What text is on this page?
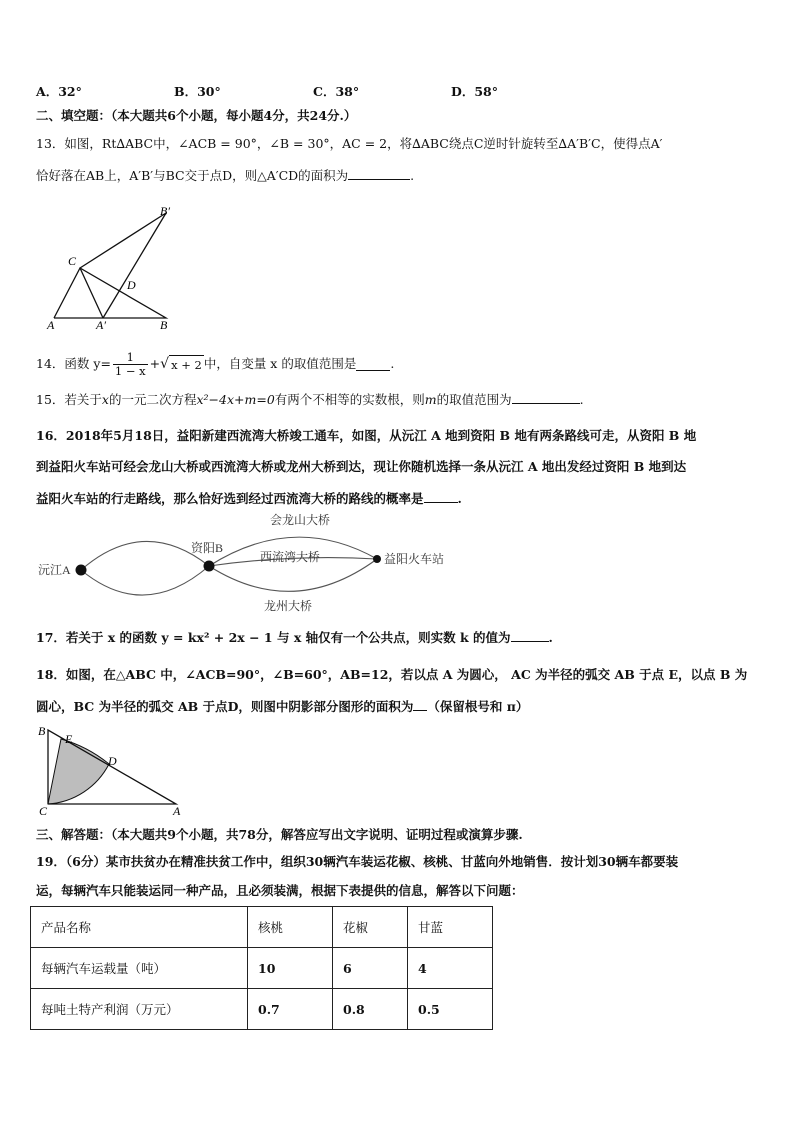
A．32°	B．30°	C．38°	D．58°
二、填空题：（本大题共6个小题，每小题4分，共24分.）
13．如图，Rt∆ABC中，∠ACB = 90°，∠B = 30°，AC = 2，将∆ABC绕点C逆时针旋转至∆A′B′C，使得点A′
恰好落在AB上，A′B′与BC交于点D，则△A′CD的面积为	.
B′
C
D
A	A′	B
14．函数 $y= \frac{1}{1 - x}$ + √ x + 2 中，自变量 x 的取值范围是	.
15．若关于x的一元二次方程x²−4x+m=0有两个不相等的实数根，则m的取值范围为	.
16．2018年5月18日，益阳新建西流湾大桥竣工通车，如图，从沅江 A 地到资阳 B 地有两条路线可走，从资阳 B 地
到益阳火车站可经会龙山大桥或西流湾大桥或龙州大桥到达，现让你随机选择一条从沅江 A 地出发经过资阳 B 地到达
益阳火车站的行走路线，那么恰好选到经过西流湾大桥的路线的概率是	.
会龙山大桥
资阳B
西流湾大桥
沅江A
益阳火车站
龙州大桥
17．若关于 x 的函数 y = kx² + 2x − 1 与 x 轴仅有一个公共点，则实数 k 的值为	.
18．如图，在△ABC 中，∠ACB=90°，∠B=60°，AB=12，若以点 A 为圆心， AC 为半径的弧交 AB 于点 E，以点 B 为
圆心，BC 为半径的弧交 AB 于点D，则图中阴影部分图形的面积为 （保留根号和 π）
B
E
D
C	A
三、解答题：（本大题共9个小题，共78分，解答应写出文字说明、证明过程或演算步骤.
19．（6分）某市扶贫办在精准扶贫工作中，组织30辆汽车装运花椒、核桃、甘蓝向外地销售．按计划30辆车都要装
运，每辆汽车只能装运同一种产品，且必须装满，根据下表提供的信息，解答以下问题：
产品名称	核桃	花椒	甘蓝
每辆汽车运载量（吨）	10	6	4
每吨土特产利润（万元）	0.7	0.8	0.5
